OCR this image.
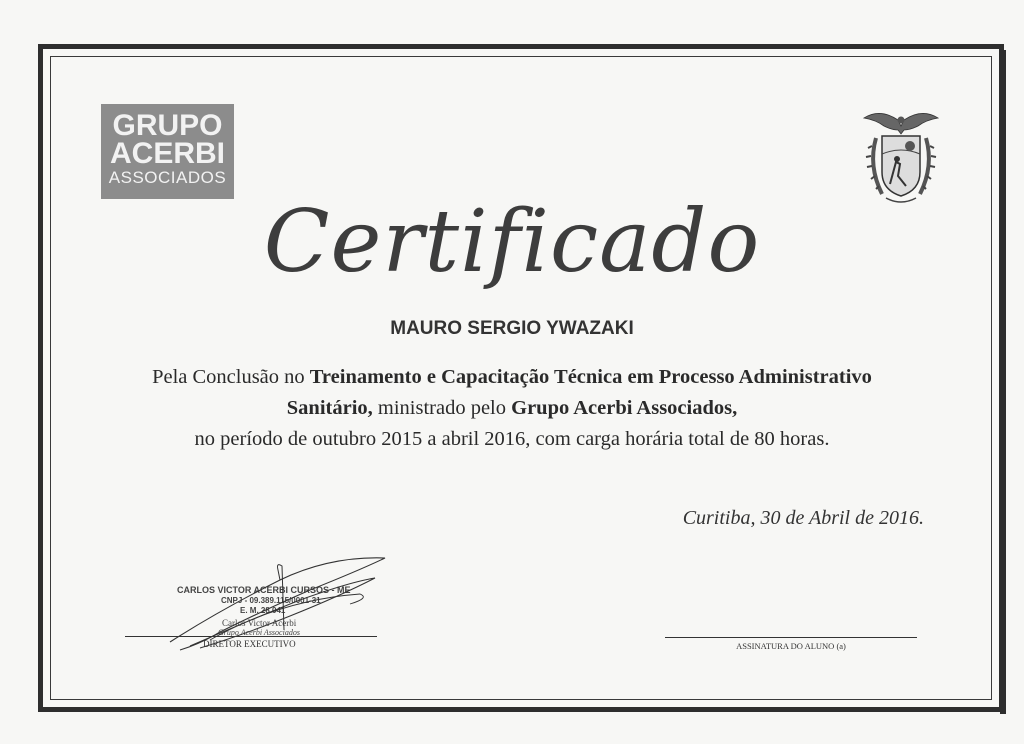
GRUPO
ACERBI
ASSOCIADOS
Certificado
MAURO SERGIO YWAZAKI
Pela Conclusão no Treinamento e Capacitação Técnica em Processo Administrativo Sanitário, ministrado pelo Grupo Acerbi Associados,
no período de outubro 2015 a abril 2016, com carga horária total de 80 horas.
Curitiba, 30 de Abril de 2016.
CARLOS VICTOR ACERBI CURSOS - ME
CNPJ - 09.389.115/0001-31
E. M. 28.041
Carlos Victor Acerbi
Grupo Acerbi Associados
DIRETOR EXECUTIVO	ASSINATURA DO ALUNO (a)
